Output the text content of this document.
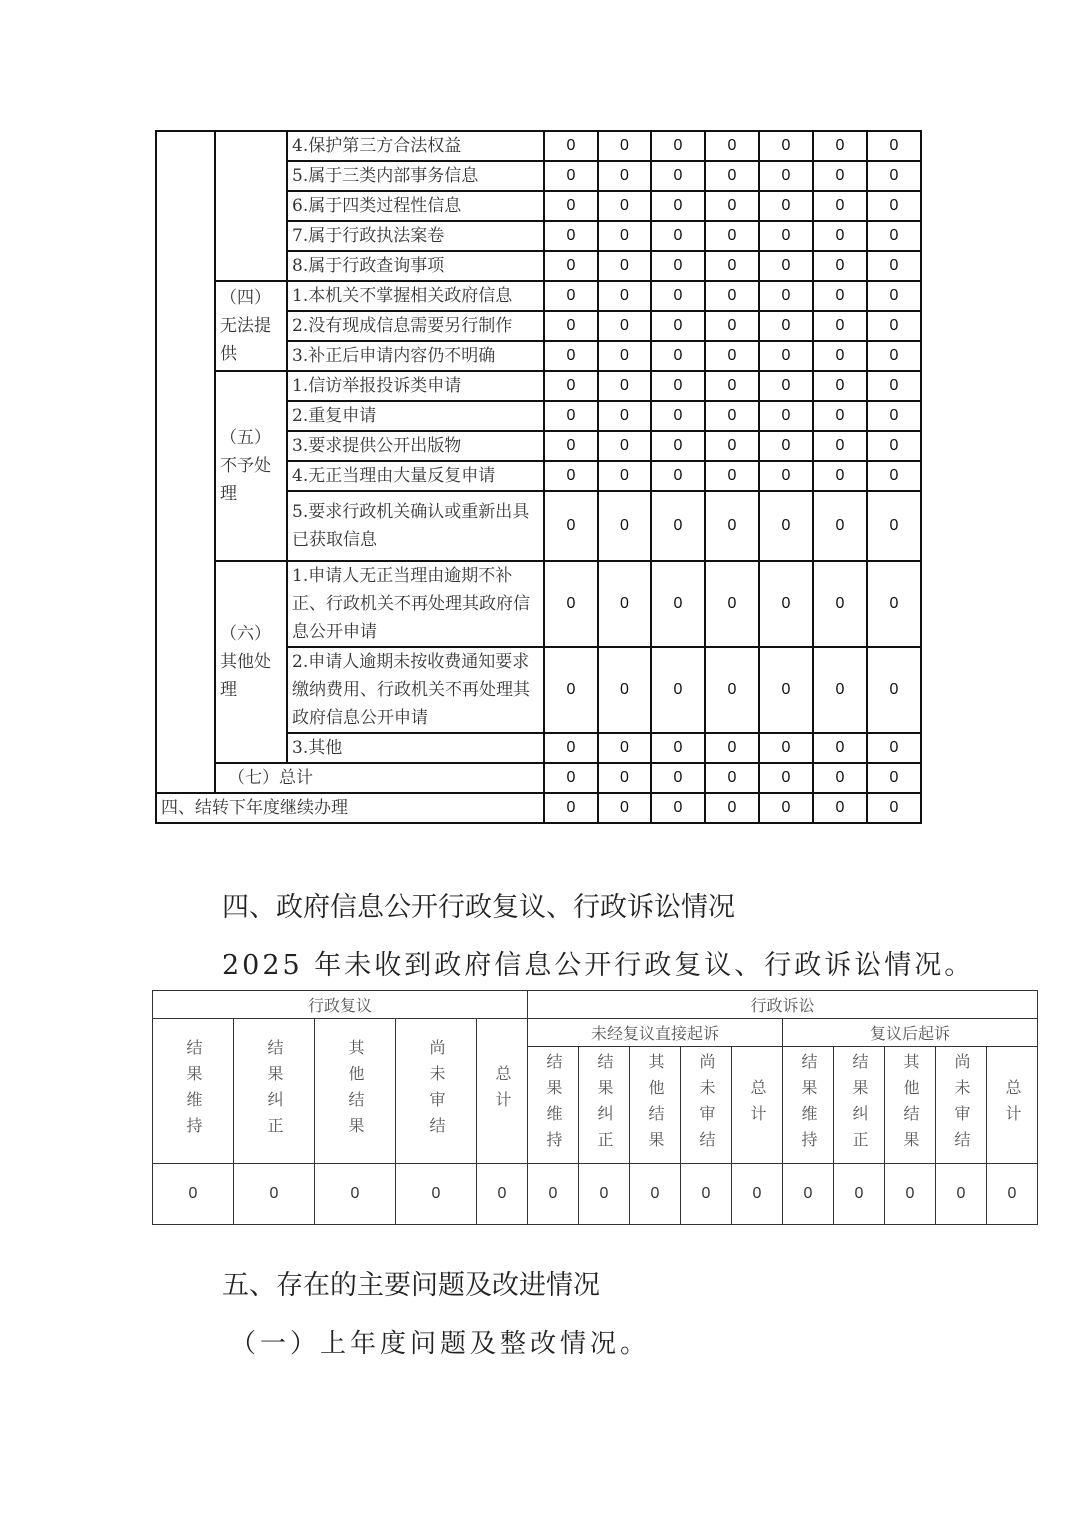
		4.保护第三方合法权益	0	0	0	0	0	0	0
		5.属于三类内部事务信息	0	0	0	0	0	0	0
		6.属于四类过程性信息	0	0	0	0	0	0	0
		7.属于行政执法案卷	0	0	0	0	0	0	0
		8.属于行政查询事项	0	0	0	0	0	0	0
	（四）无法提供	1.本机关不掌握相关政府信息	0	0	0	0	0	0	0
		2.没有现成信息需要另行制作	0	0	0	0	0	0	0
		3.补正后申请内容仍不明确	0	0	0	0	0	0	0
	（五）不予处理	1.信访举报投诉类申请	0	0	0	0	0	0	0
		2.重复申请	0	0	0	0	0	0	0
		3.要求提供公开出版物	0	0	0	0	0	0	0
		4.无正当理由大量反复申请	0	0	0	0	0	0	0
		5.要求行政机关确认或重新出具已获取信息	0	0	0	0	0	0	0
	（六）其他处理	1.申请人无正当理由逾期不补正、行政机关不再处理其政府信息公开申请	0	0	0	0	0	0	0
		2.申请人逾期未按收费通知要求缴纳费用、行政机关不再处理其政府信息公开申请	0	0	0	0	0	0	0
		3.其他	0	0	0	0	0	0	0
	（七）总计		0	0	0	0	0	0	0
四、结转下年度继续办理			0	0	0	0	0	0	0
四、政府信息公开行政复议、行政诉讼情况
2025 年未收到政府信息公开行政复议、行政诉讼情况。
行政复议					行政诉讼									

结果维持	结果纠正	其他结果	尚未审结	总计	未经复议直接起诉					复议后起诉				

					结果维持	结果纠正	其他结果	尚未审结	总计	结果维持	结果纠正	其他结果	尚未审结	总计

0	0	0	0	0	0	0	0	0	0	0	0	0	0	0
五、存在的主要问题及改进情况
（一）上年度问题及整改情况。
